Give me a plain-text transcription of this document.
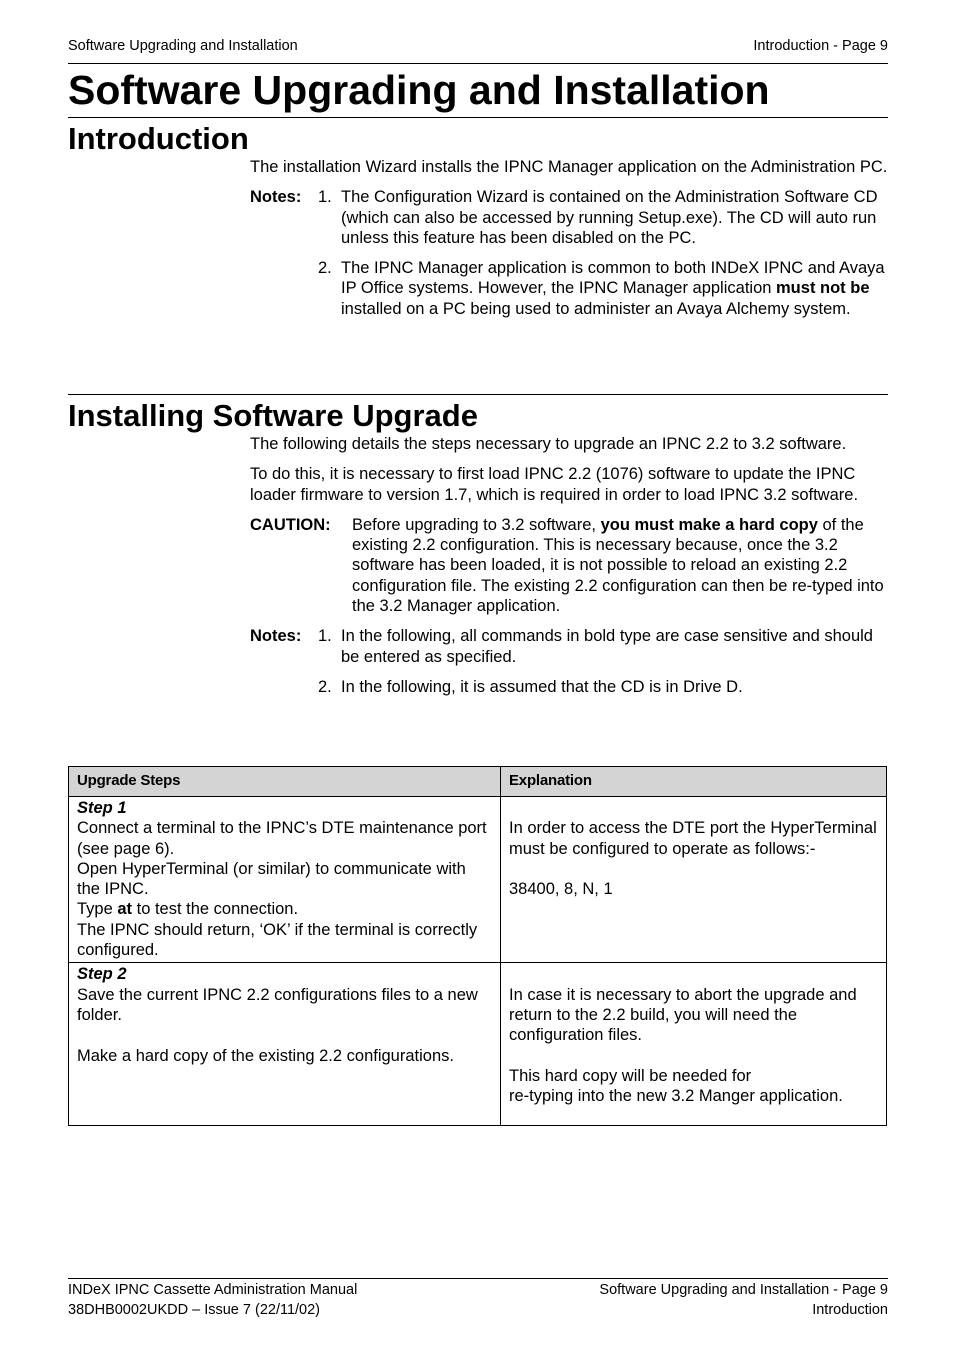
Software Upgrading and Installation	Introduction - Page 9
Software Upgrading and Installation
Introduction

The installation Wizard installs the IPNC Manager application on the Administration PC.

Notes:	1. The Configuration Wizard is contained on the Administration Software CD (which can also be accessed by running Setup.exe). The CD will auto run unless this feature has been disabled on the PC.
2. The IPNC Manager application is common to both INDeX IPNC and Avaya IP Office systems. However, the IPNC Manager application must not be installed on a PC being used to administer an Avaya Alchemy system.
Installing Software Upgrade

The following details the steps necessary to upgrade an IPNC 2.2 to 3.2 software.

To do this, it is necessary to first load IPNC 2.2 (1076) software to update the IPNC loader firmware to version 1.7, which is required in order to load IPNC 3.2 software.

CAUTION:	Before upgrading to 3.2 software, you must make a hard copy of the existing 2.2 configuration. This is necessary because, once the 3.2 software has been loaded, it is not possible to reload an existing 2.2 configuration file. The existing 2.2 configuration can then be re-typed into the 3.2 Manager application.
Notes:	1. In the following, all commands in bold type are case sensitive and should be entered as specified.
2. In the following, it is assumed that the CD is in Drive D.
Upgrade Steps	Explanation

Step 1
Connect a terminal to the IPNC’s DTE maintenance port (see page 6).
Open HyperTerminal (or similar) to communicate with the IPNC.
Type at to test the connection.
The IPNC should return, ‘OK’ if the terminal is correctly configured.	In order to access the DTE port the HyperTerminal must be configured to operate as follows:-
38400, 8, N, 1

Step 2
Save the current IPNC 2.2 configurations files to a new folder.
Make a hard copy of the existing 2.2 configurations.	In case it is necessary to abort the upgrade and return to the 2.2 build, you will need the configuration files.
This hard copy will be needed for
re-typing into the new 3.2 Manger application.
INDeX IPNC Cassette Administration Manual
38DHB0002UKDD – Issue 7 (22/11/02)
Software Upgrading and Installation - Page 9
Introduction
